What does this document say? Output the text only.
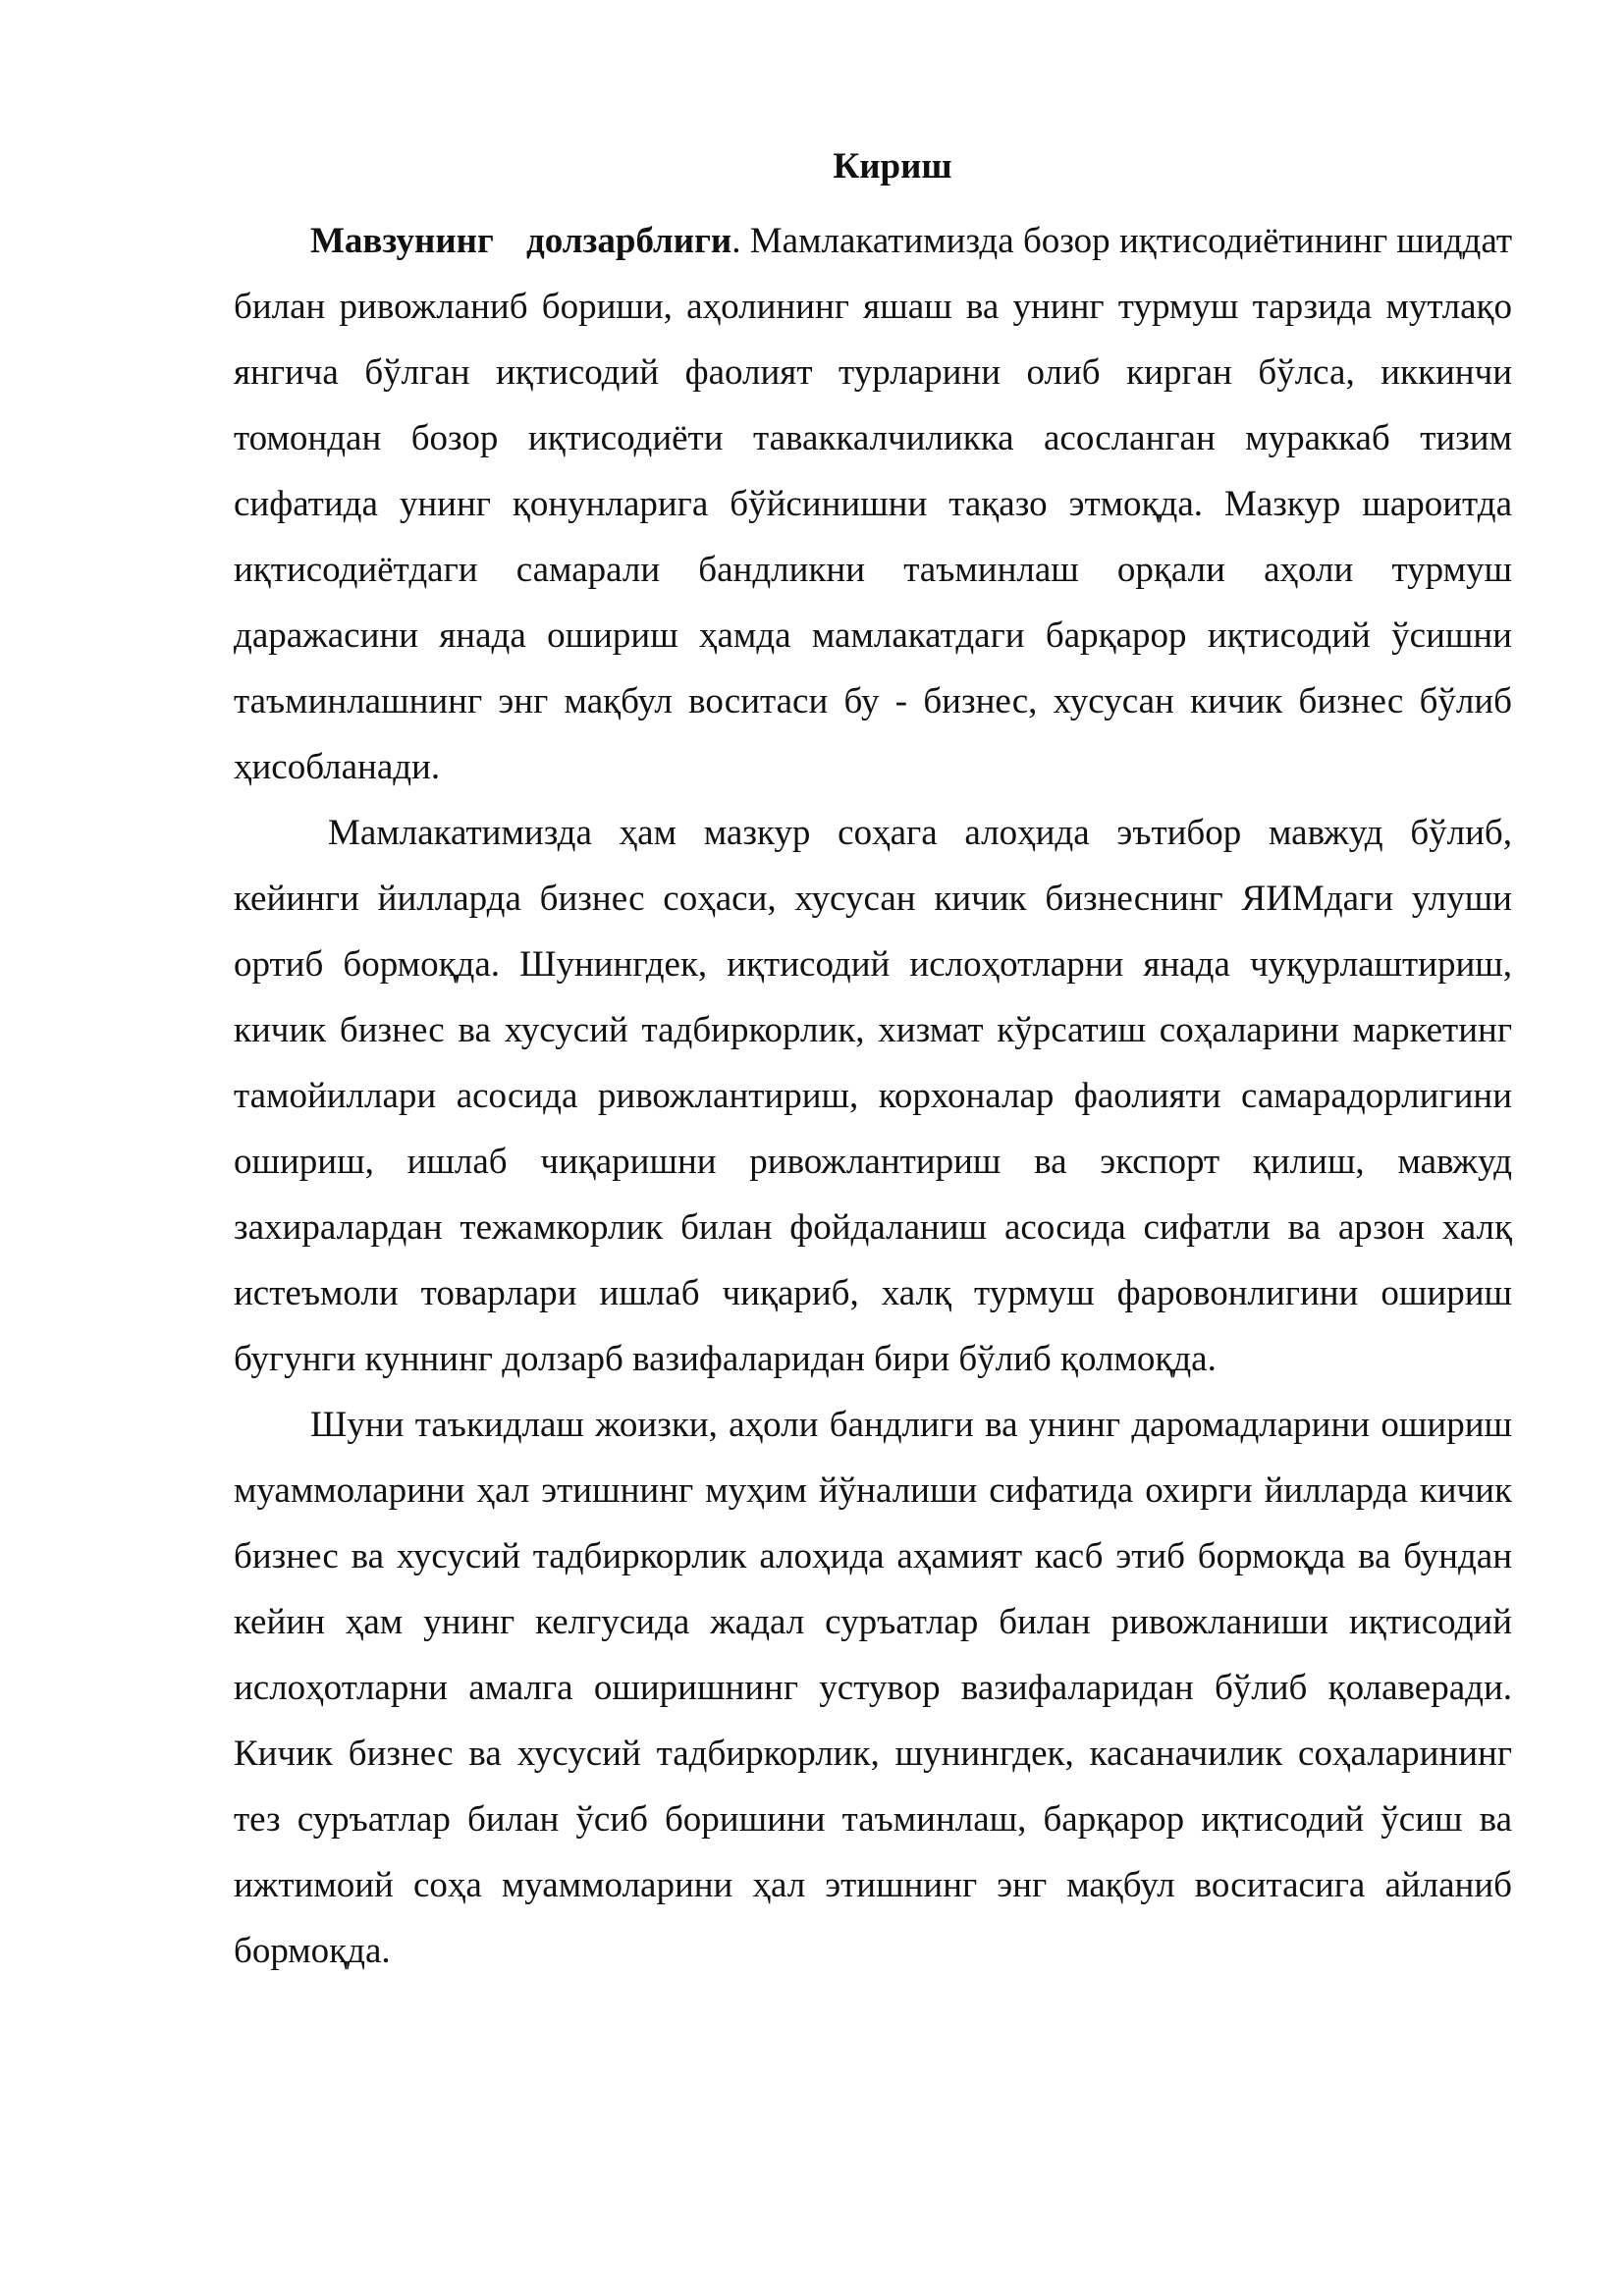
Кириш

Мавзунинг долзарблиги. Мамлакатимизда бозор иқтисодиётининг шиддат билан ривожланиб бориши, аҳолининг яшаш ва унинг турмуш тарзида мутлақо янгича бўлган иқтисодий фаолият турларини олиб кирган бўлса, иккинчи томондан бозор иқтисодиёти таваккалчиликка асосланган мураккаб тизим сифатида унинг қонунларига бўйсинишни тақазо этмоқда. Мазкур шароитда иқтисодиётдаги самарали бандликни таъминлаш орқали аҳоли турмуш даражасини янада ошириш ҳамда мамлакатдаги барқарор иқтисодий ўсишни таъминлашнинг энг мақбул воситаси бу - бизнес, хусусан кичик бизнес бўлиб ҳисобланади.

Мамлакатимизда ҳам мазкур соҳага алоҳида эътибор мавжуд бўлиб, кейинги йилларда бизнес соҳаси, хусусан кичик бизнеснинг ЯИМдаги улуши ортиб бормоқда. Шунингдек, иқтисодий ислоҳотларни янада чуқурлаштириш, кичик бизнес ва хусусий тадбиркорлик, хизмат кўрсатиш соҳаларини маркетинг тамойиллари асосида ривожлантириш, корхоналар фаолияти самарадорлигини ошириш, ишлаб чиқаришни ривожлантириш ва экспорт қилиш, мавжуд захиралардан тежамкорлик билан фойдаланиш асосида сифатли ва арзон халқ истеъмоли товарлари ишлаб чиқариб, халқ турмуш фаровонлигини ошириш бугунги куннинг долзарб вазифаларидан бири бўлиб қолмоқда.

Шуни таъкидлаш жоизки, аҳоли бандлиги ва унинг даромадларини ошириш муаммоларини ҳал этишнинг муҳим йўналиши сифатида охирги йилларда кичик бизнес ва хусусий тадбиркорлик алоҳида аҳамият касб этиб бормоқда ва бундан кейин ҳам унинг келгусида жадал суръатлар билан ривожланиши иқтисодий ислоҳотларни амалга оширишнинг устувор вазифаларидан бўлиб қолаверади. Кичик бизнес ва хусусий тадбиркорлик, шунингдек, касаначилик соҳаларининг тез суръатлар билан ўсиб боришини таъминлаш, барқарор иқтисодий ўсиш ва ижтимоий соҳа муаммоларини ҳал этишнинг энг мақбул воситасига айланиб бормоқда.
